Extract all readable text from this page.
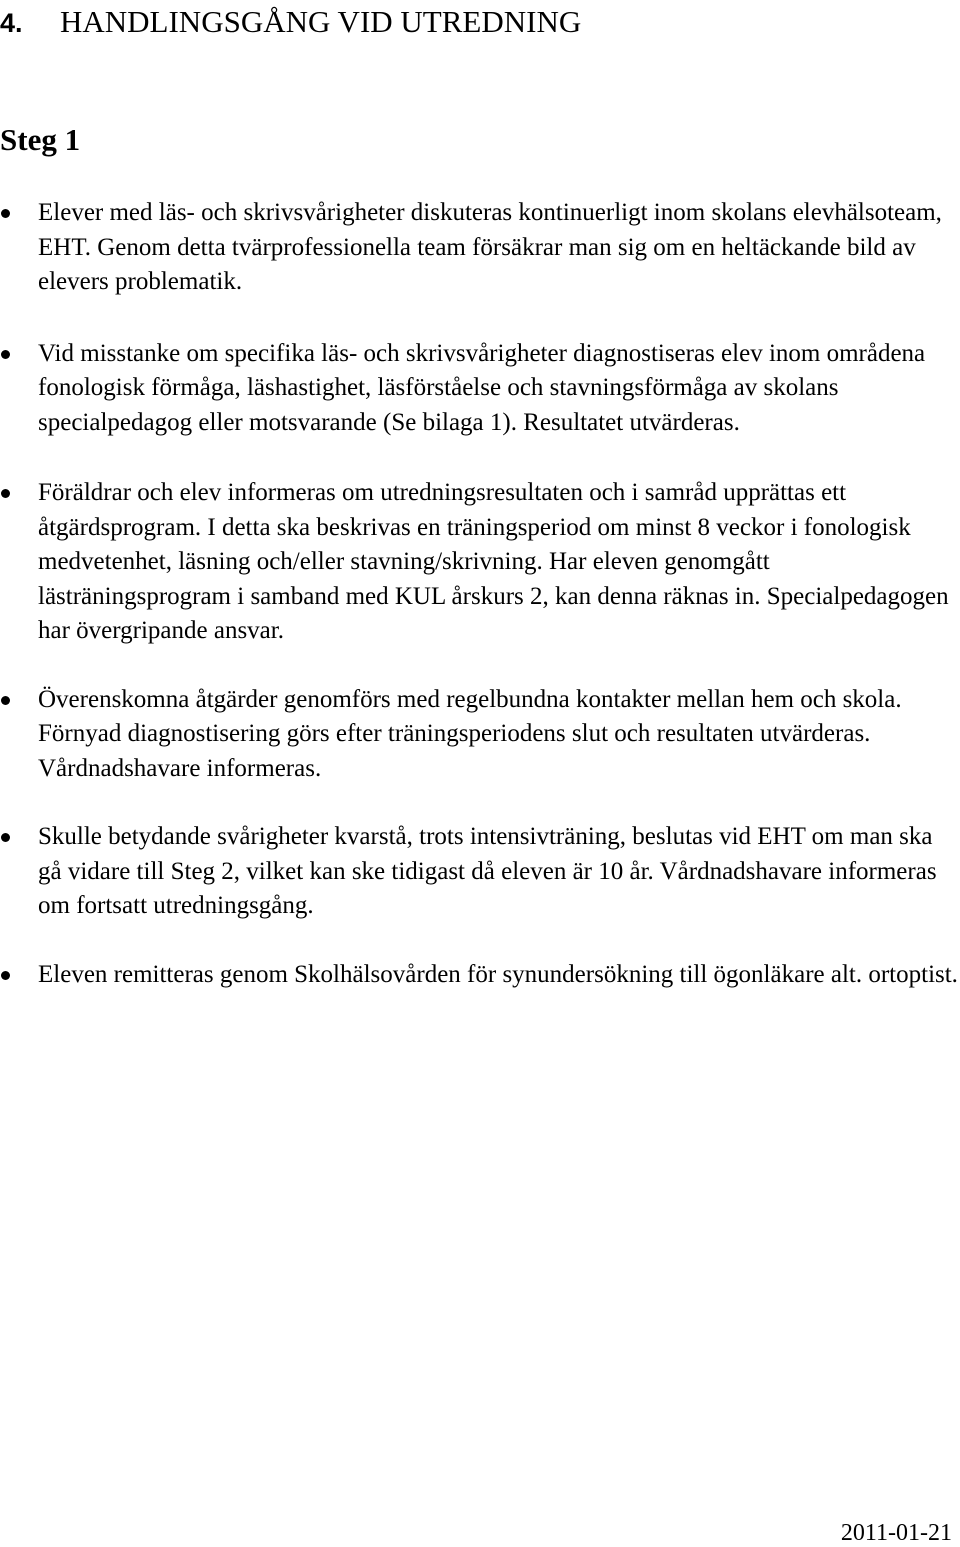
4. HANDLINGSGÅNG VID UTREDNING
Steg 1
Elever med läs- och skrivsvårigheter diskuteras kontinuerligt inom skolans elevhälsoteam, EHT. Genom detta tvärprofessionella team försäkrar man sig om en heltäckande bild av elevers problematik.
Vid misstanke om specifika läs- och skrivsvårigheter diagnostiseras elev inom områdena fonologisk förmåga, läshastighet, läsförståelse och stavningsförmåga av skolans specialpedagog eller motsvarande (Se bilaga 1). Resultatet utvärderas.
Föräldrar och elev informeras om utredningsresultaten och i samråd upprättas ett åtgärdsprogram. I detta ska beskrivas en träningsperiod om minst 8 veckor i fonologisk medvetenhet, läsning och/eller stavning/skrivning. Har eleven genomgått lästräningsprogram i samband med KUL årskurs 2, kan denna räknas in. Specialpedagogen har övergripande ansvar.
Överenskomna åtgärder genomförs med regelbundna kontakter mellan hem och skola. Förnyad diagnostisering görs efter träningsperiodens slut och resultaten utvärderas. Vårdnadshavare informeras.
Skulle betydande svårigheter kvarstå, trots intensivträning, beslutas vid EHT om man ska gå vidare till Steg 2, vilket kan ske tidigast då eleven är 10 år. Vårdnadshavare informeras om fortsatt utredningsgång.
Eleven remitteras genom Skolhälsovården för synundersökning till ögonläkare alt. ortoptist.
2011-01-21
